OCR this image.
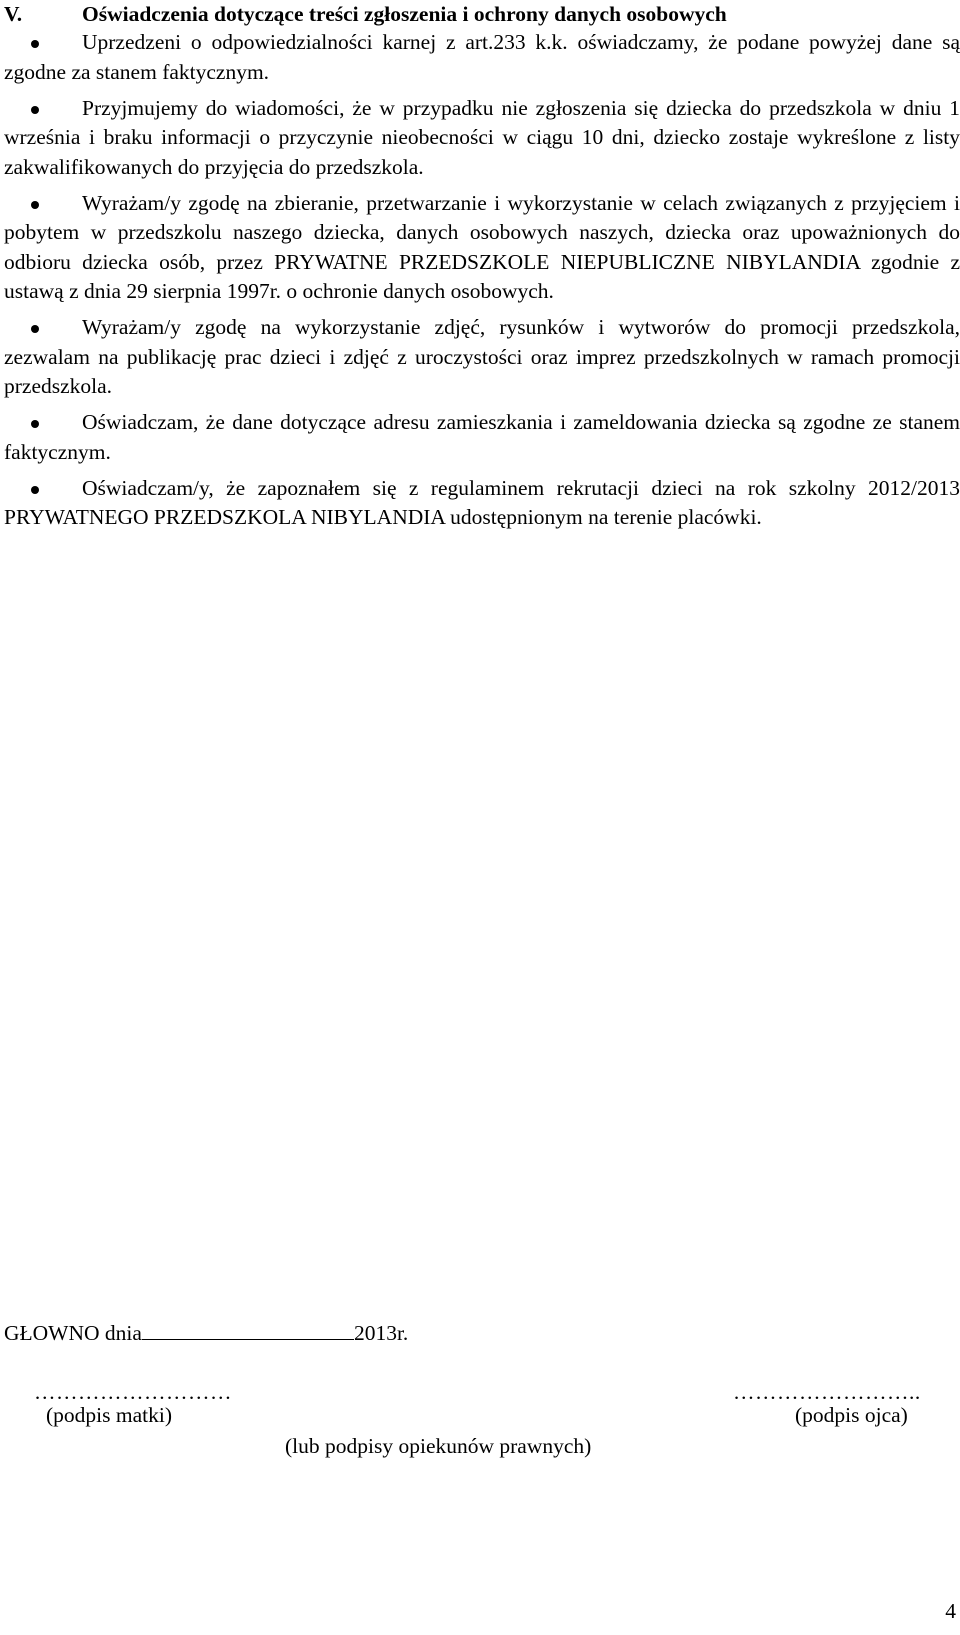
V.	Oświadczenia dotyczące treści zgłoszenia i ochrony danych osobowych
Uprzedzeni o odpowiedzialności karnej z art.233 k.k. oświadczamy, że podane powyżej dane są zgodne za stanem faktycznym.
Przyjmujemy do wiadomości, że w przypadku nie zgłoszenia się dziecka do przedszkola w dniu 1 września i braku informacji o przyczynie nieobecności w ciągu 10 dni, dziecko zostaje wykreślone z listy zakwalifikowanych do przyjęcia do przedszkola.
Wyrażam/y zgodę na zbieranie, przetwarzanie i wykorzystanie w celach związanych z przyjęciem i pobytem w przedszkolu naszego dziecka, danych osobowych naszych, dziecka oraz upoważnionych do odbioru dziecka osób, przez PRYWATNE PRZEDSZKOLE NIEPUBLICZNE NIBYLANDIA zgodnie z ustawą z dnia 29 sierpnia 1997r. o ochronie danych osobowych.
Wyrażam/y zgodę na wykorzystanie zdjęć, rysunków i wytworów do promocji przedszkola, zezwalam na publikację prac dzieci i zdjęć z uroczystości oraz imprez przedszkolnych w ramach promocji przedszkola.
Oświadczam, że dane dotyczące adresu zamieszkania i zameldowania dziecka są zgodne ze stanem faktycznym.
Oświadczam/y, że zapoznałem się z regulaminem rekrutacji dzieci na rok szkolny 2012/2013 PRYWATNEGO PRZEDSZKOLA NIBYLANDIA udostępnionym na terenie placówki.
GŁOWNO dnia	2013r.
………………………	……………………..
(podpis matki)	(podpis ojca)
(lub podpisy opiekunów prawnych)
4
